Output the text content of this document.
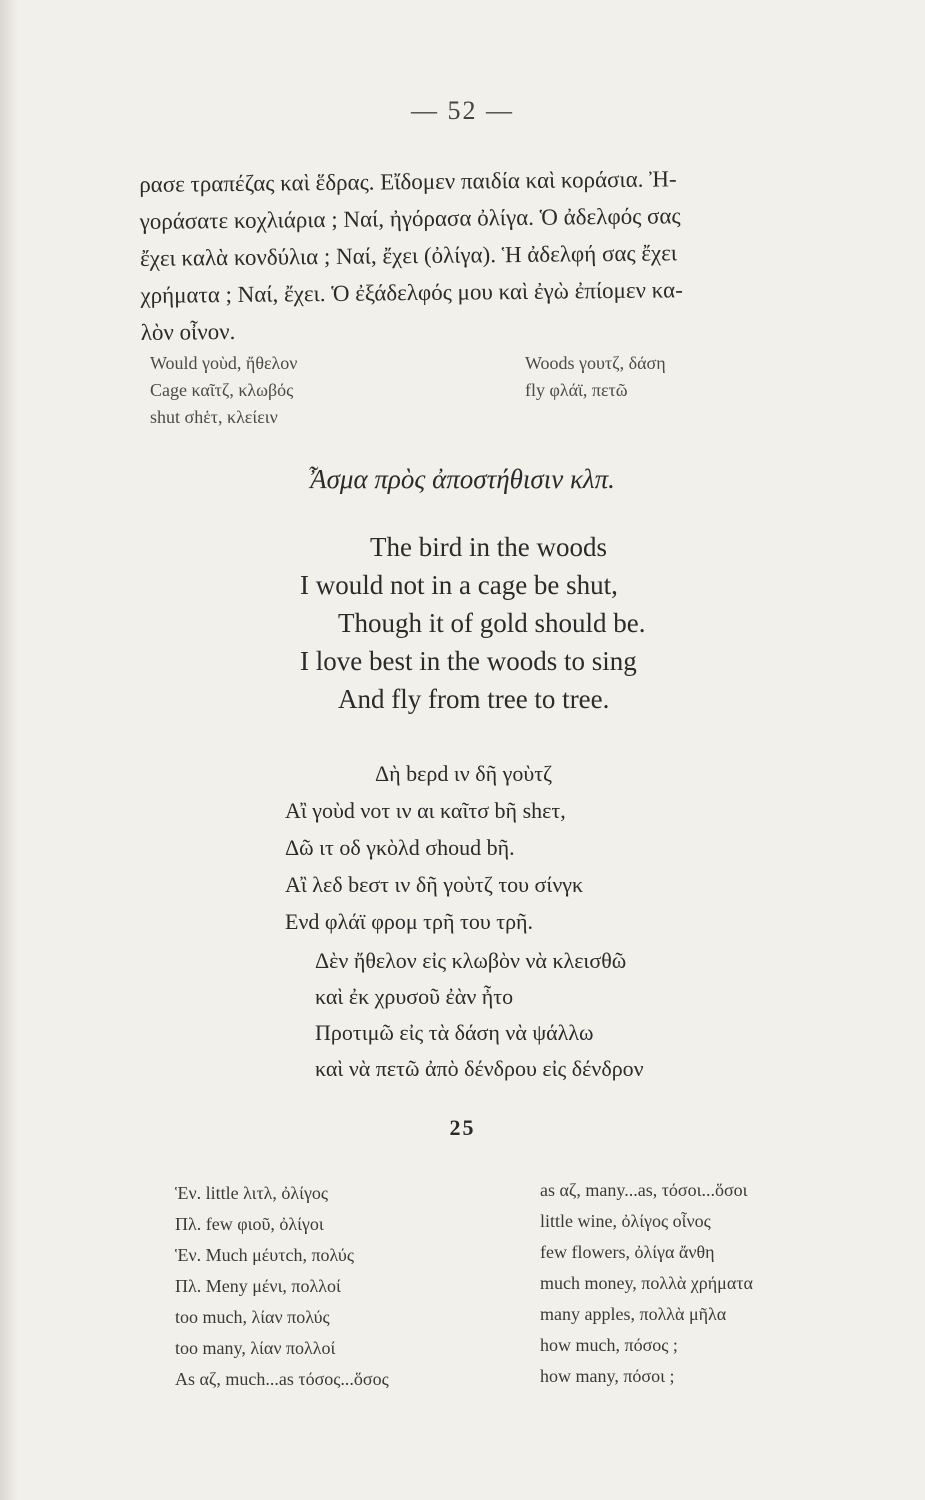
— 52 —
ρασε τραπέζας καὶ ἕδρας. Εἴδομεν παιδία καὶ κοράσια. Ἠ-
γοράσατε κοχλιάρια ; Ναί, ἠγόρασα ὀλίγα. Ὁ ἀδελφός σας
ἔχει καλὰ κονδύλια ; Ναί, ἔχει (ὀλίγα). Ἡ ἀδελφή σας ἔχει
χρήματα ; Ναί, ἔχει. Ὁ ἐξάδελφός μου καὶ ἐγὼ ἐπίομεν κα-
λὸν οἶνον.
Would γοὺd, ἤθελον
Cage καῖτζ, κλωβός
shut σhἑτ, κλείειν
Woods γουτζ, δάση
fly φλάϊ, πετῶ
Ἆσμα πρὸς ἀποστήθισιν κλπ.
The bird in the woods
I would not in a cage be shut,
Though it of gold should be.
I love best in the woods to sing
And fly from tree to tree.
Δὴ bερd ιν δῆ γοὺτζ
Αἲ γοὺd νοτ ιν αι καῖτσ bῆ shετ,
Δῶ ιτ οδ γκὸλd σhoud bῆ.
Αἲ λεδ bεστ ιν δῆ γοὺτζ του σίνγκ
Ενd φλάϊ φρομ τρῆ του τρῆ.
Δὲν ἤθελον εἰς κλωβὸν νὰ κλεισθῶ
καὶ ἐκ χρυσοῦ ἐὰν ἦτο
Προτιμῶ εἰς τὰ δάση νὰ ψάλλω
καὶ νὰ πετῶ ἀπὸ δένδρου εἰς δένδρον
25
Ἑν. little λιτλ, ὀλίγος
Πλ. few φιοῦ, ὀλίγοι
Ἑν. Much μέυτch, πολύς
Πλ. Meny μένι, πολλοί
too much, λίαν πολύς
too many, λίαν πολλοί
As αζ, much...as τόσος...ὅσος
as αζ, many...as, τόσοι...ὅσοι
little wine, ὀλίγος οἶνος
few flowers, ὀλίγα ἄνθη
much money, πολλὰ χρήματα
many apples, πολλὰ μῆλα
how much, πόσος ;
how many, πόσοι ;
